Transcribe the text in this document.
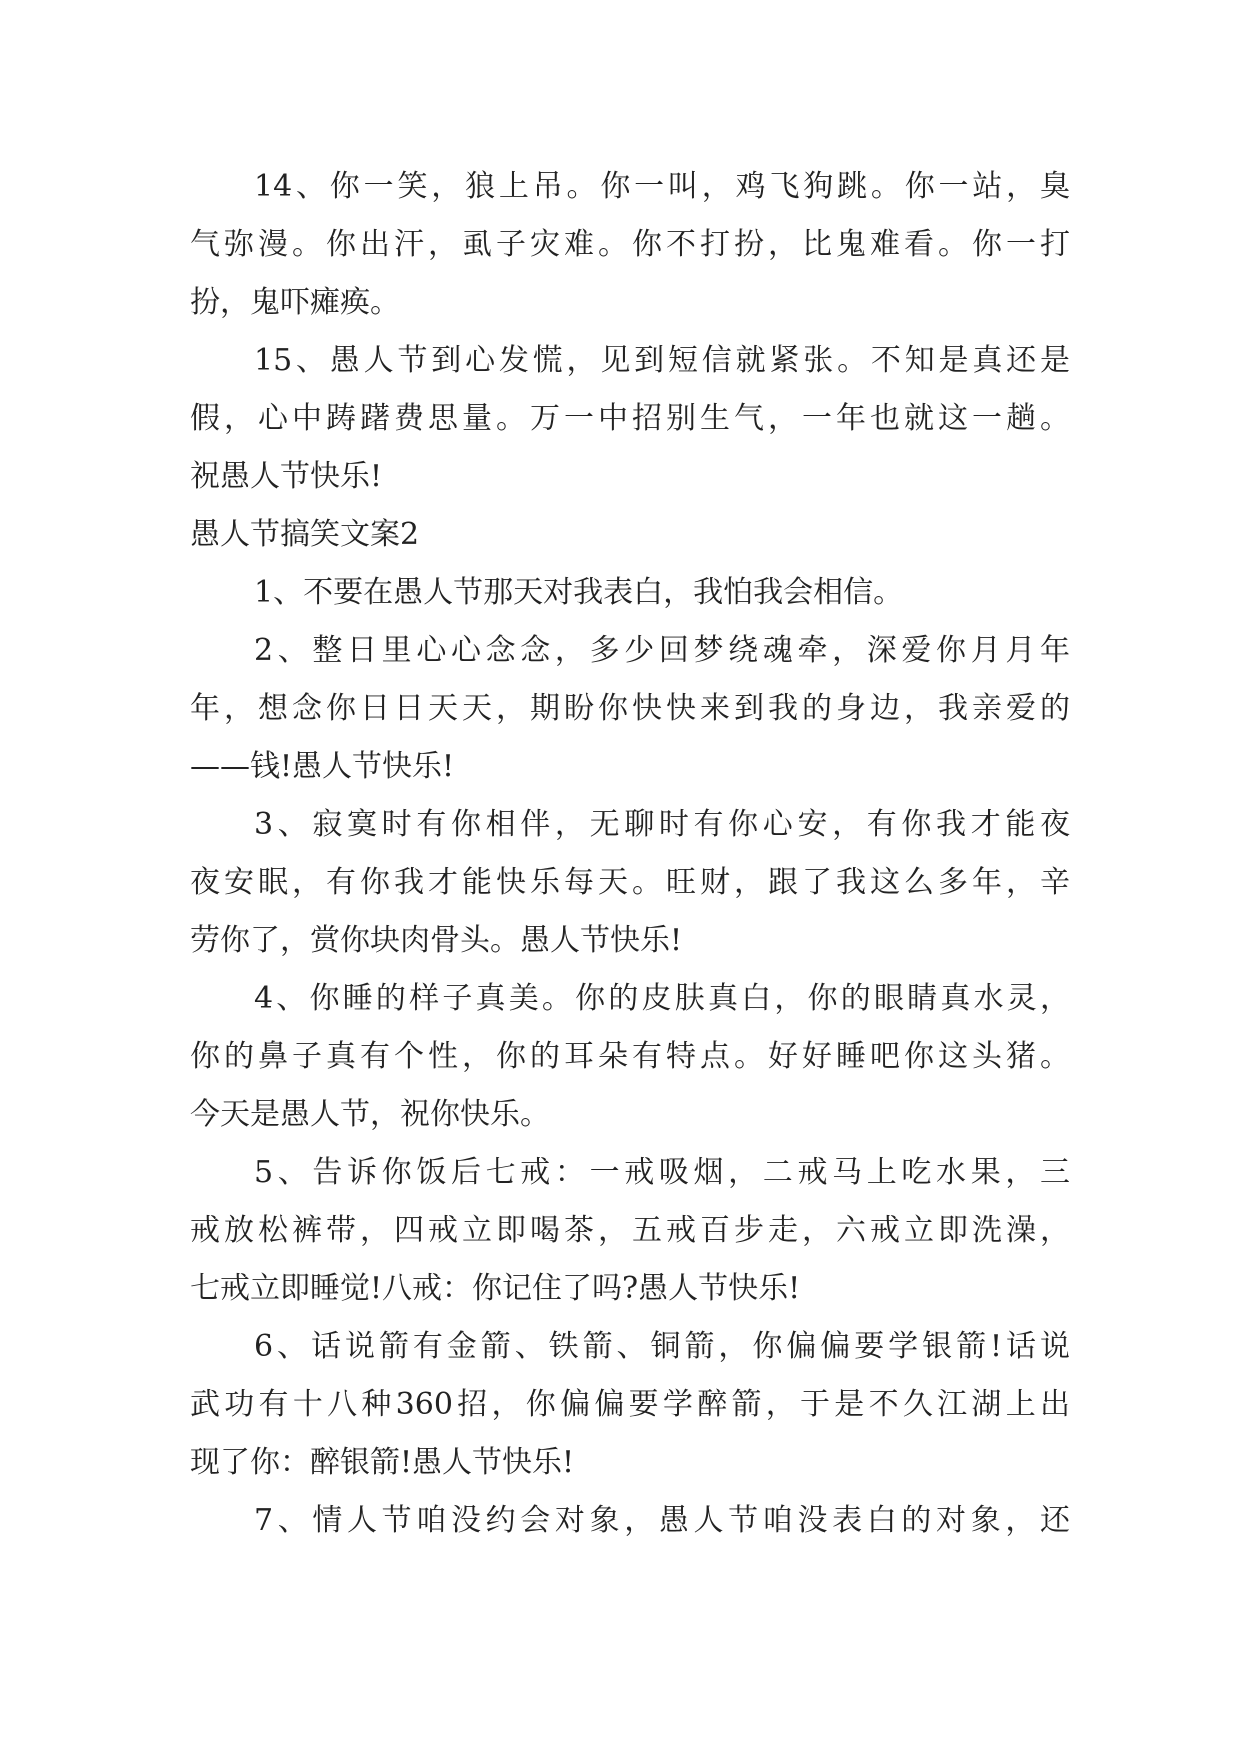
14、你一笑，狼上吊。你一叫，鸡飞狗跳。你一站，臭
气弥漫。你出汗，虱子灾难。你不打扮，比鬼难看。你一打
扮，鬼吓瘫痪。
15、愚人节到心发慌，见到短信就紧张。不知是真还是
假，心中踌躇费思量。万一中招别生气，一年也就这一趟。
祝愚人节快乐!
愚人节搞笑文案2
1、不要在愚人节那天对我表白，我怕我会相信。
2、整日里心心念念，多少回梦绕魂牵，深爱你月月年
年，想念你日日天天，期盼你快快来到我的身边，我亲爱的
——钱!愚人节快乐!
3、寂寞时有你相伴，无聊时有你心安，有你我才能夜
夜安眠，有你我才能快乐每天。旺财，跟了我这么多年，辛
劳你了，赏你块肉骨头。愚人节快乐!
4、你睡的样子真美。你的皮肤真白，你的眼睛真水灵，
你的鼻子真有个性，你的耳朵有特点。好好睡吧你这头猪。
今天是愚人节，祝你快乐。
5、告诉你饭后七戒：一戒吸烟，二戒马上吃水果，三
戒放松裤带，四戒立即喝茶，五戒百步走，六戒立即洗澡，
七戒立即睡觉!八戒：你记住了吗?愚人节快乐!
6、话说箭有金箭、铁箭、铜箭，你偏偏要学银箭!话说
武功有十八种360招，你偏偏要学醉箭，于是不久江湖上出
现了你：醉银箭!愚人节快乐!
7、情人节咱没约会对象，愚人节咱没表白的对象，还
